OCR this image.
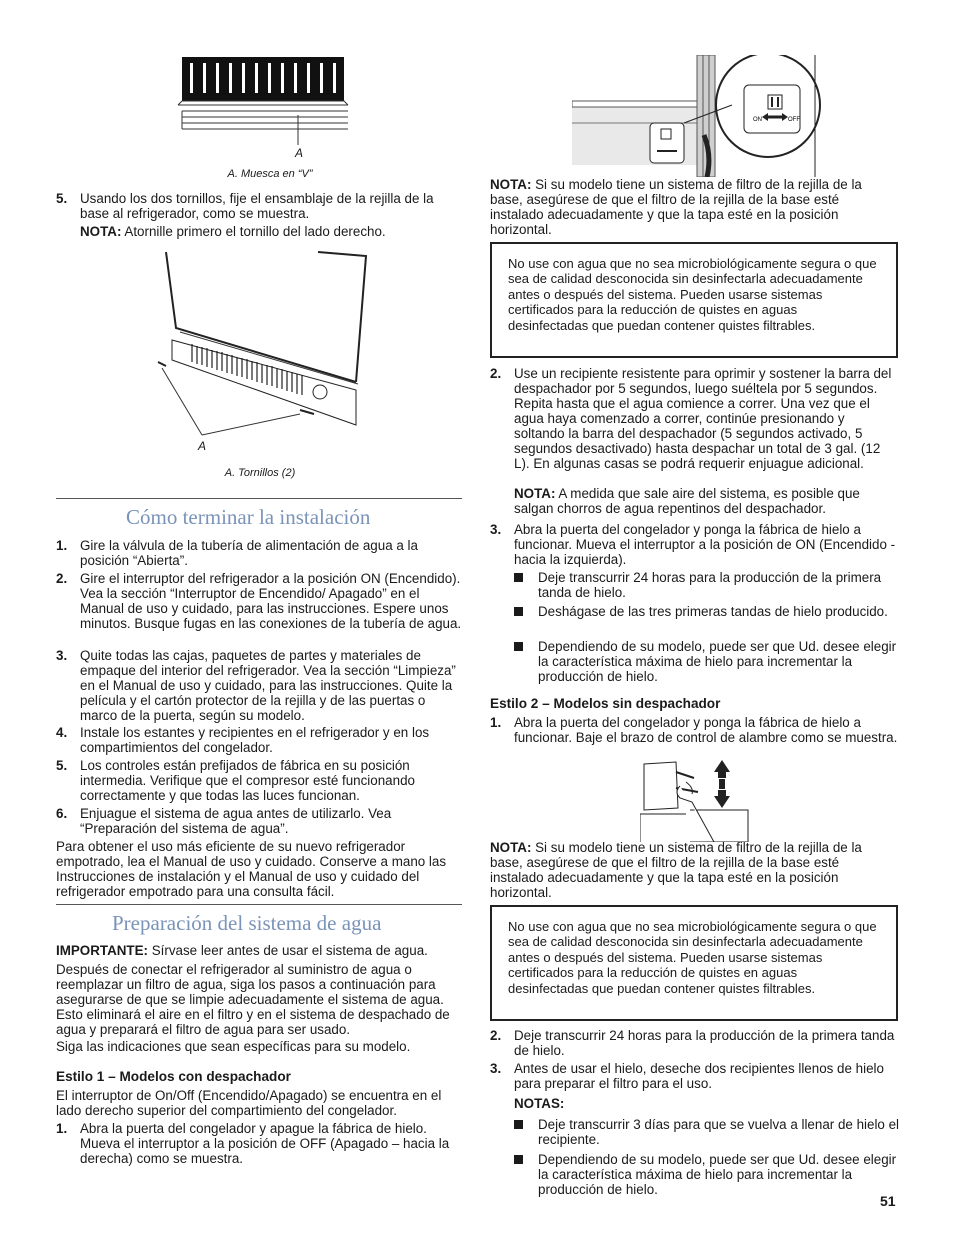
A
A. Muesca en “V”
5. Usando los dos tornillos, fije el ensamblaje de la rejilla de la base al refrigerador, como se muestra.
NOTA: Atornille primero el tornillo del lado derecho.
A
A. Tornillos (2)
Cómo terminar la instalación
1. Gire la válvula de la tubería de alimentación de agua a la posición “Abierta”.
2. Gire el interruptor del refrigerador a la posición ON (Encendido). Vea la sección “Interruptor de Encendido/ Apagado” en el Manual de uso y cuidado, para las instrucciones. Espere unos minutos. Busque fugas en las conexiones de la tubería de agua.
3. Quite todas las cajas, paquetes de partes y materiales de empaque del interior del refrigerador. Vea la sección “Limpieza” en el Manual de uso y cuidado, para las instrucciones. Quite la película y el cartón protector de la rejilla y de las puertas o marco de la puerta, según su modelo.
4. Instale los estantes y recipientes en el refrigerador y en los compartimientos del congelador.
5. Los controles están prefijados de fábrica en su posición intermedia. Verifique que el compresor esté funcionando correctamente y que todas las luces funcionan.
6. Enjuague el sistema de agua antes de utilizarlo. Vea “Preparación del sistema de agua”.
Para obtener el uso más eficiente de su nuevo refrigerador empotrado, lea el Manual de uso y cuidado. Conserve a mano las Instrucciones de instalación y el Manual de uso y cuidado del refrigerador empotrado para una consulta fácil.
Preparación del sistema de agua
IMPORTANTE: Sírvase leer antes de usar el sistema de agua.
Después de conectar el refrigerador al suministro de agua o reemplazar un filtro de agua, siga los pasos a continuación para asegurarse de que se limpie adecuadamente el sistema de agua. Esto eliminará el aire en el filtro y en el sistema de despachado de agua y preparará el filtro de agua para ser usado.
Siga las indicaciones que sean específicas para su modelo.
Estilo 1 – Modelos con despachador
El interruptor de On/Off (Encendido/Apagado) se encuentra en el lado derecho superior del compartimiento del congelador.
1. Abra la puerta del congelador y apague la fábrica de hielo. Mueva el interruptor a la posición de OFF (Apagado – hacia la derecha) como se muestra.
ON	OFF
NOTA: Si su modelo tiene un sistema de filtro de la rejilla de la base, asegúrese de que el filtro de la rejilla de la base esté instalado adecuadamente y que la tapa esté en la posición horizontal.
No use con agua que no sea microbiológicamente segura o que sea de calidad desconocida sin desinfectarla adecuadamente antes o después del sistema. Pueden usarse sistemas certificados para la reducción de quistes en aguas desinfectadas que puedan contener quistes filtrables.
2. Use un recipiente resistente para oprimir y sostener la barra del despachador por 5 segundos, luego suéltela por 5 segundos. Repita hasta que el agua comience a correr. Una vez que el agua haya comenzado a correr, continúe presionando y soltando la barra del despachador (5 segundos activado, 5 segundos desactivado) hasta despachar un total de 3 gal. (12 L). En algunas casas se podrá requerir enjuague adicional.
NOTA: A medida que sale aire del sistema, es posible que salgan chorros de agua repentinos del despachador.
3. Abra la puerta del congelador y ponga la fábrica de hielo a funcionar. Mueva el interruptor a la posición de ON (Encendido - hacia la izquierda).
Deje transcurrir 24 horas para la producción de la primera tanda de hielo.
Deshágase de las tres primeras tandas de hielo producido.
Dependiendo de su modelo, puede ser que Ud. desee elegir la característica máxima de hielo para incrementar la producción de hielo.
Estilo 2 – Modelos sin despachador
1. Abra la puerta del congelador y ponga la fábrica de hielo a funcionar. Baje el brazo de control de alambre como se muestra.
NOTA: Si su modelo tiene un sistema de filtro de la rejilla de la base, asegúrese de que el filtro de la rejilla de la base esté instalado adecuadamente y que la tapa esté en la posición horizontal.
No use con agua que no sea microbiológicamente segura o que sea de calidad desconocida sin desinfectarla adecuadamente antes o después del sistema. Pueden usarse sistemas certificados para la reducción de quistes en aguas desinfectadas que puedan contener quistes filtrables.
2. Deje transcurrir 24 horas para la producción de la primera tanda de hielo.
3. Antes de usar el hielo, deseche dos recipientes llenos de hielo para preparar el filtro para el uso.
NOTAS:
Deje transcurrir 3 días para que se vuelva a llenar de hielo el recipiente.
Dependiendo de su modelo, puede ser que Ud. desee elegir la característica máxima de hielo para incrementar la producción de hielo.
51
